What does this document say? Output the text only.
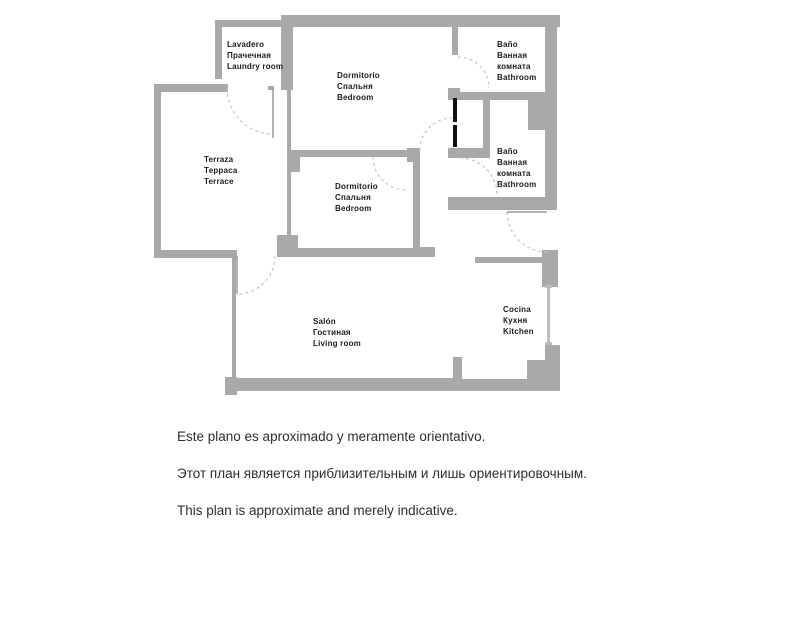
Lavadero
Прачечная
Laundry room
Dormitorio
Спальня
Bedroom
Baño
Ванная
комната
Bathroom
Terraza
Терраса
Terrace
Dormitorio
Спальня
Bedroom
Baño
Ванная
комната
Bathroom
Salón
Гостиная
Living room
Cocina
Кухня
Kitchen
Este plano es aproximado y meramente orientativo.
Этот план является приблизительным и лишь ориентировочным.
This plan is approximate and merely indicative.
